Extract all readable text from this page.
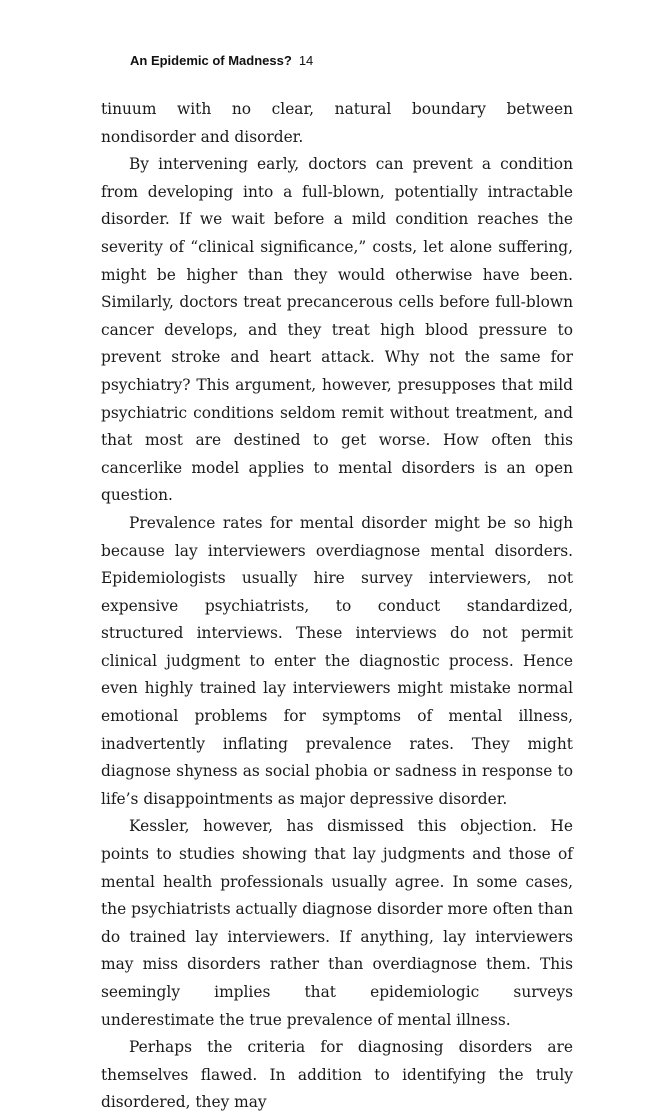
An Epidemic of Madness? 14

tinuum with no clear, natural boundary between nondisorder and disorder.

By intervening early, doctors can prevent a condition from developing into a full-blown, potentially intractable disorder. If we wait before a mild condition reaches the severity of “clinical significance,” costs, let alone suffering, might be higher than they would otherwise have been. Similarly, doctors treat precancerous cells before full-blown cancer develops, and they treat high blood pressure to prevent stroke and heart attack. Why not the same for psychiatry? This argument, however, presupposes that mild psychiatric conditions seldom remit without treatment, and that most are destined to get worse. How often this cancerlike model applies to mental disorders is an open question.

Prevalence rates for mental disorder might be so high because lay interviewers overdiagnose mental disorders. Epidemiologists usually hire survey interviewers, not expensive psychiatrists, to conduct standardized, structured interviews. These interviews do not permit clinical judgment to enter the diagnostic process. Hence even highly trained lay interviewers might mistake normal emotional problems for symptoms of mental illness, inadvertently inflating prevalence rates. They might diagnose shyness as social phobia or sadness in response to life’s disappointments as major depressive disorder.

Kessler, however, has dismissed this objection. He points to studies showing that lay judgments and those of mental health professionals usually agree. In some cases, the psychiatrists actually diagnose disorder more often than do trained lay interviewers. If anything, lay interviewers may miss disorders rather than overdiagnose them. This seemingly implies that epidemiologic surveys underestimate the true prevalence of mental illness.

Perhaps the criteria for diagnosing disorders are themselves flawed. In addition to identifying the truly disordered, they may
